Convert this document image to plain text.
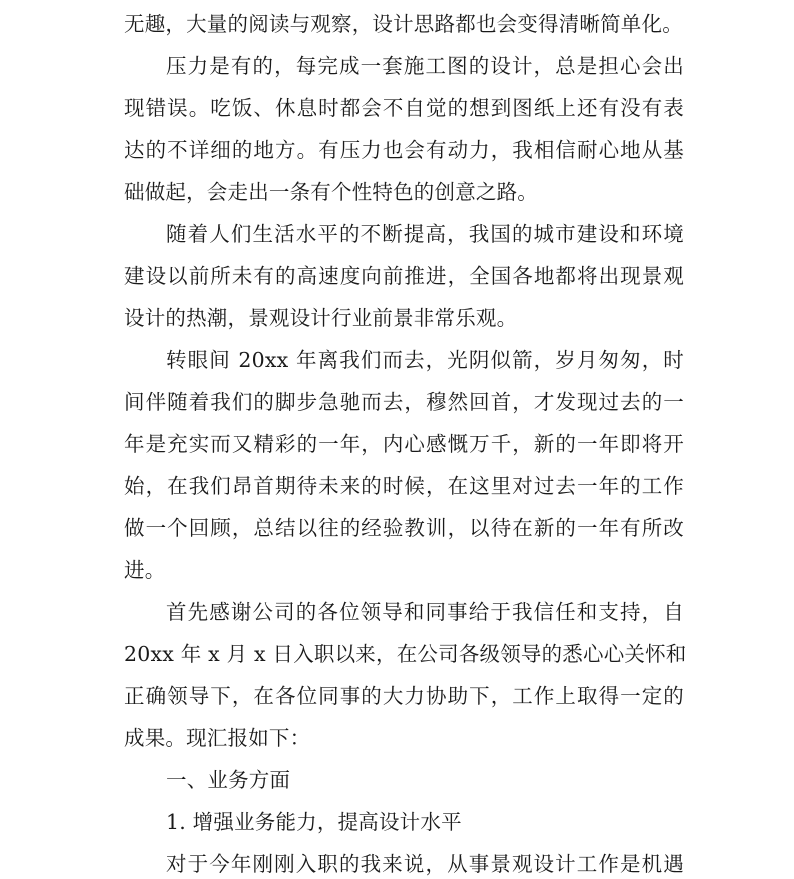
无趣，大量的阅读与观察，设计思路都也会变得清晰简单化。
压力是有的，每完成一套施工图的设计，总是担心会出
现错误。吃饭、休息时都会不自觉的想到图纸上还有没有表
达的不详细的地方。有压力也会有动力，我相信耐心地从基
础做起，会走出一条有个性特色的创意之路。
随着人们生活水平的不断提高，我国的城市建设和环境
建设以前所未有的高速度向前推进，全国各地都将出现景观
设计的热潮，景观设计行业前景非常乐观。
转眼间 20xx 年离我们而去，光阴似箭，岁月匆匆，时
间伴随着我们的脚步急驰而去，穆然回首，才发现过去的一
年是充实而又精彩的一年，内心感慨万千，新的一年即将开
始，在我们昂首期待未来的时候，在这里对过去一年的工作
做一个回顾，总结以往的经验教训，以待在新的一年有所改
进。
首先感谢公司的各位领导和同事给于我信任和支持，自
20xx 年 x 月 x 日入职以来，在公司各级领导的悉心心关怀和
正确领导下，在各位同事的大力协助下，工作上取得一定的
成果。现汇报如下：
一、业务方面
1. 增强业务能力，提高设计水平
对于今年刚刚入职的我来说，从事景观设计工作是机遇
